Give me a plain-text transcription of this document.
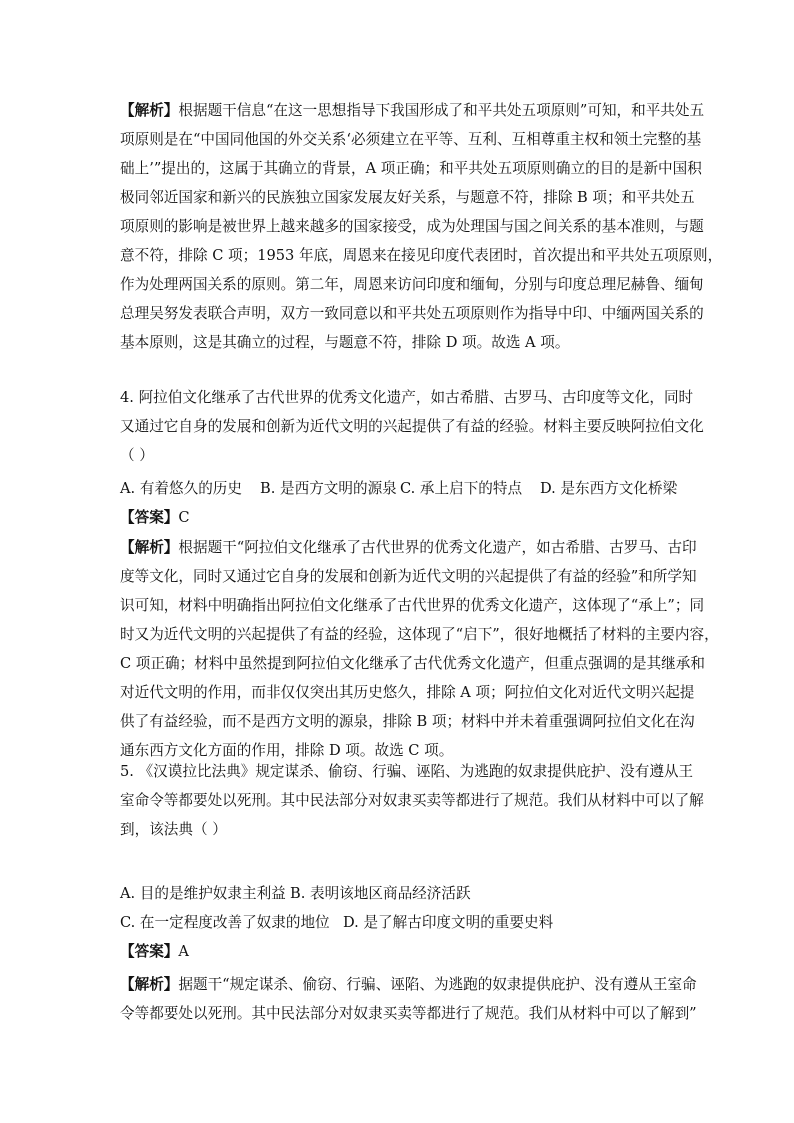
【解析】根据题干信息“在这一思想指导下我国形成了和平共处五项原则”可知，和平共处五
项原则是在“中国同他国的外交关系‘必须建立在平等、互利、互相尊重主权和领土完整的基
础上’”提出的，这属于其确立的背景，A 项正确；和平共处五项原则确立的目的是新中国积
极同邻近国家和新兴的民族独立国家发展友好关系，与题意不符，排除 B 项；和平共处五
项原则的影响是被世界上越来越多的国家接受，成为处理国与国之间关系的基本准则，与题
意不符，排除 C 项；1953 年底，周恩来在接见印度代表团时，首次提出和平共处五项原则，
作为处理两国关系的原则。第二年，周恩来访问印度和缅甸，分别与印度总理尼赫鲁、缅甸
总理吴努发表联合声明，双方一致同意以和平共处五项原则作为指导中印、中缅两国关系的
基本原则，这是其确立的过程，与题意不符，排除 D 项。故选 A 项。
4. 阿拉伯文化继承了古代世界的优秀文化遗产，如古希腊、古罗马、古印度等文化，同时
又通过它自身的发展和创新为近代文明的兴起提供了有益的经验。材料主要反映阿拉伯文化
（ ）
A. 有着悠久的历史 B. 是西方文明的源泉 C. 承上启下的特点 D. 是东西方文化桥梁
【答案】C
【解析】根据题干“阿拉伯文化继承了古代世界的优秀文化遗产，如古希腊、古罗马、古印
度等文化，同时又通过它自身的发展和创新为近代文明的兴起提供了有益的经验”和所学知
识可知，材料中明确指出阿拉伯文化继承了古代世界的优秀文化遗产，这体现了“承上”；同
时又为近代文明的兴起提供了有益的经验，这体现了“启下”，很好地概括了材料的主要内容，
C 项正确；材料中虽然提到阿拉伯文化继承了古代优秀文化遗产，但重点强调的是其继承和
对近代文明的作用，而非仅仅突出其历史悠久，排除 A 项；阿拉伯文化对近代文明兴起提
供了有益经验，而不是西方文明的源泉，排除 B 项；材料中并未着重强调阿拉伯文化在沟
通东西方文化方面的作用，排除 D 项。故选 C 项。
5. 《汉谟拉比法典》规定谋杀、偷窃、行骗、诬陷、为逃跑的奴隶提供庇护、没有遵从王
室命令等都要处以死刑。其中民法部分对奴隶买卖等都进行了规范。我们从材料中可以了解
到，该法典（ ）
A. 目的是维护奴隶主利益 B. 表明该地区商品经济活跃
C. 在一定程度改善了奴隶的地位 D. 是了解古印度文明的重要史料
【答案】A
【解析】据题干“规定谋杀、偷窃、行骗、诬陷、为逃跑的奴隶提供庇护、没有遵从王室命
令等都要处以死刑。其中民法部分对奴隶买卖等都进行了规范。我们从材料中可以了解到”
